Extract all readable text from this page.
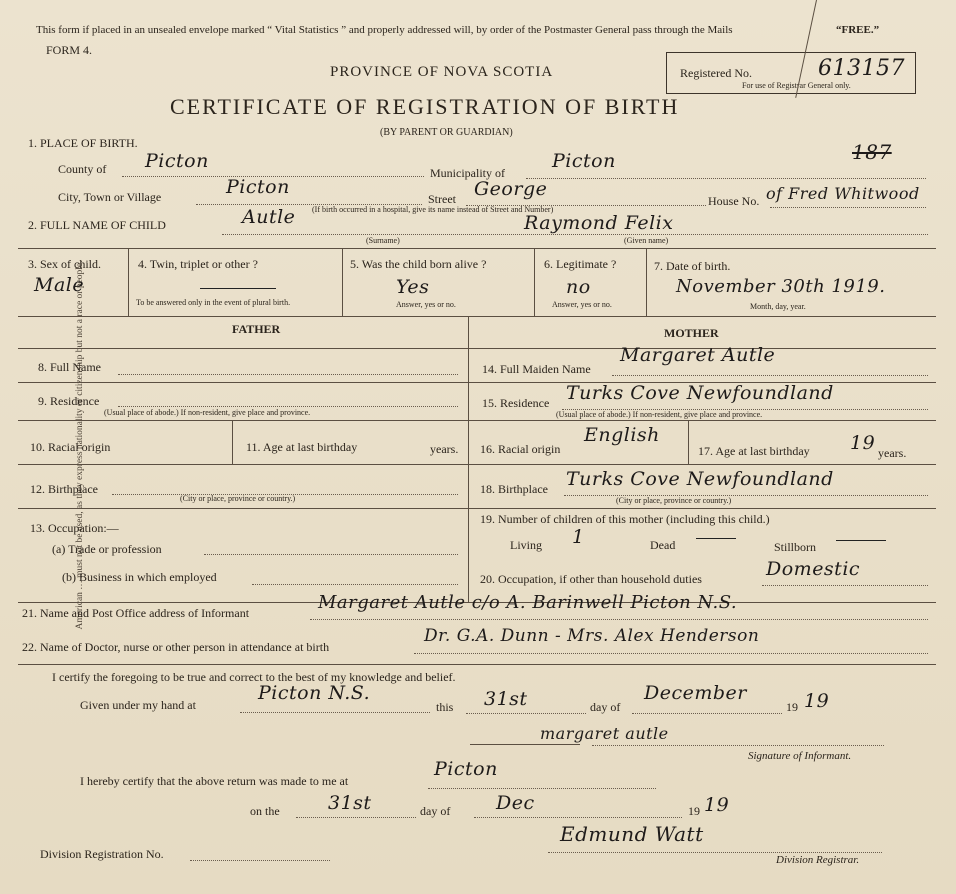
American … must not be used, as they express nationality or citizenship but not a race or people.
This form if placed in an unsealed envelope marked “ Vital Statistics ” and properly addressed will, by order of the Postmaster General pass through the Mails	“FREE.”
FORM 4.
PROVINCE OF NOVA SCOTIA
CERTIFICATE OF REGISTRATION OF BIRTH
(BY PARENT OR GUARDIAN)
Registered No.	613157
For use of Registrar General only.
187
1. PLACE OF BIRTH.
County of Picton
Municipality of
Picton
City, Town or Village	Picton
Street George
(If birth occurred in a hospital, give its name instead of Street and Number)
House No. of Fred Whitwood
2. FULL NAME OF CHILD	Autle	Raymond Felix
(Surname)	(Given name)
3. Sex of child.
Male
4. Twin, triplet or other ?
To be answered only in the event of plural birth.
5. Was the child born alive ?
Yes
Answer, yes or no.
6. Legitimate ?
no
Answer, yes or no.
7. Date of birth.
November 30th 1919.
Month, day, year.
FATHER	MOTHER
8. Full Name
9. Residence
(Usual place of abode.) If non-resident, give place and province.
10. Racial origin	11. Age at last birthday	years.
12. Birthplace
(City or place, province or country.)
13. Occupation:—
(a) Trade or profession
(b) Business in which employed
14. Full Maiden Name
Margaret Autle
15. Residence Turks Cove Newfoundland
(Usual place of abode.) If non-resident, give place and province.
16. Racial origin
English
17. Age at last birthday 19 years.
18. Birthplace Turks Cove Newfoundland
(City or place, province or country.)
19. Number of children of this mother (including this child.)
Living 1	Dead	Stillborn
20. Occupation, if other than household duties	Domestic
21. Name and Post Office address of Informant	Margaret Autle c/o A. Barinwell Picton N.S.
22. Name of Doctor, nurse or other person in attendance at birth
Dr. G.A. Dunn - Mrs. Alex Henderson
I certify the foregoing to be true and correct to the best of my knowledge and belief.
Given under my hand at
Picton N.S.
this 31st	day of
December
19 19
margaret autle
Signature of Informant.
I hereby certify that the above return was made to me at
Picton
on the	31st	day of Dec	19 19
Edmund Watt
Division Registration No.	Division Registrar.
